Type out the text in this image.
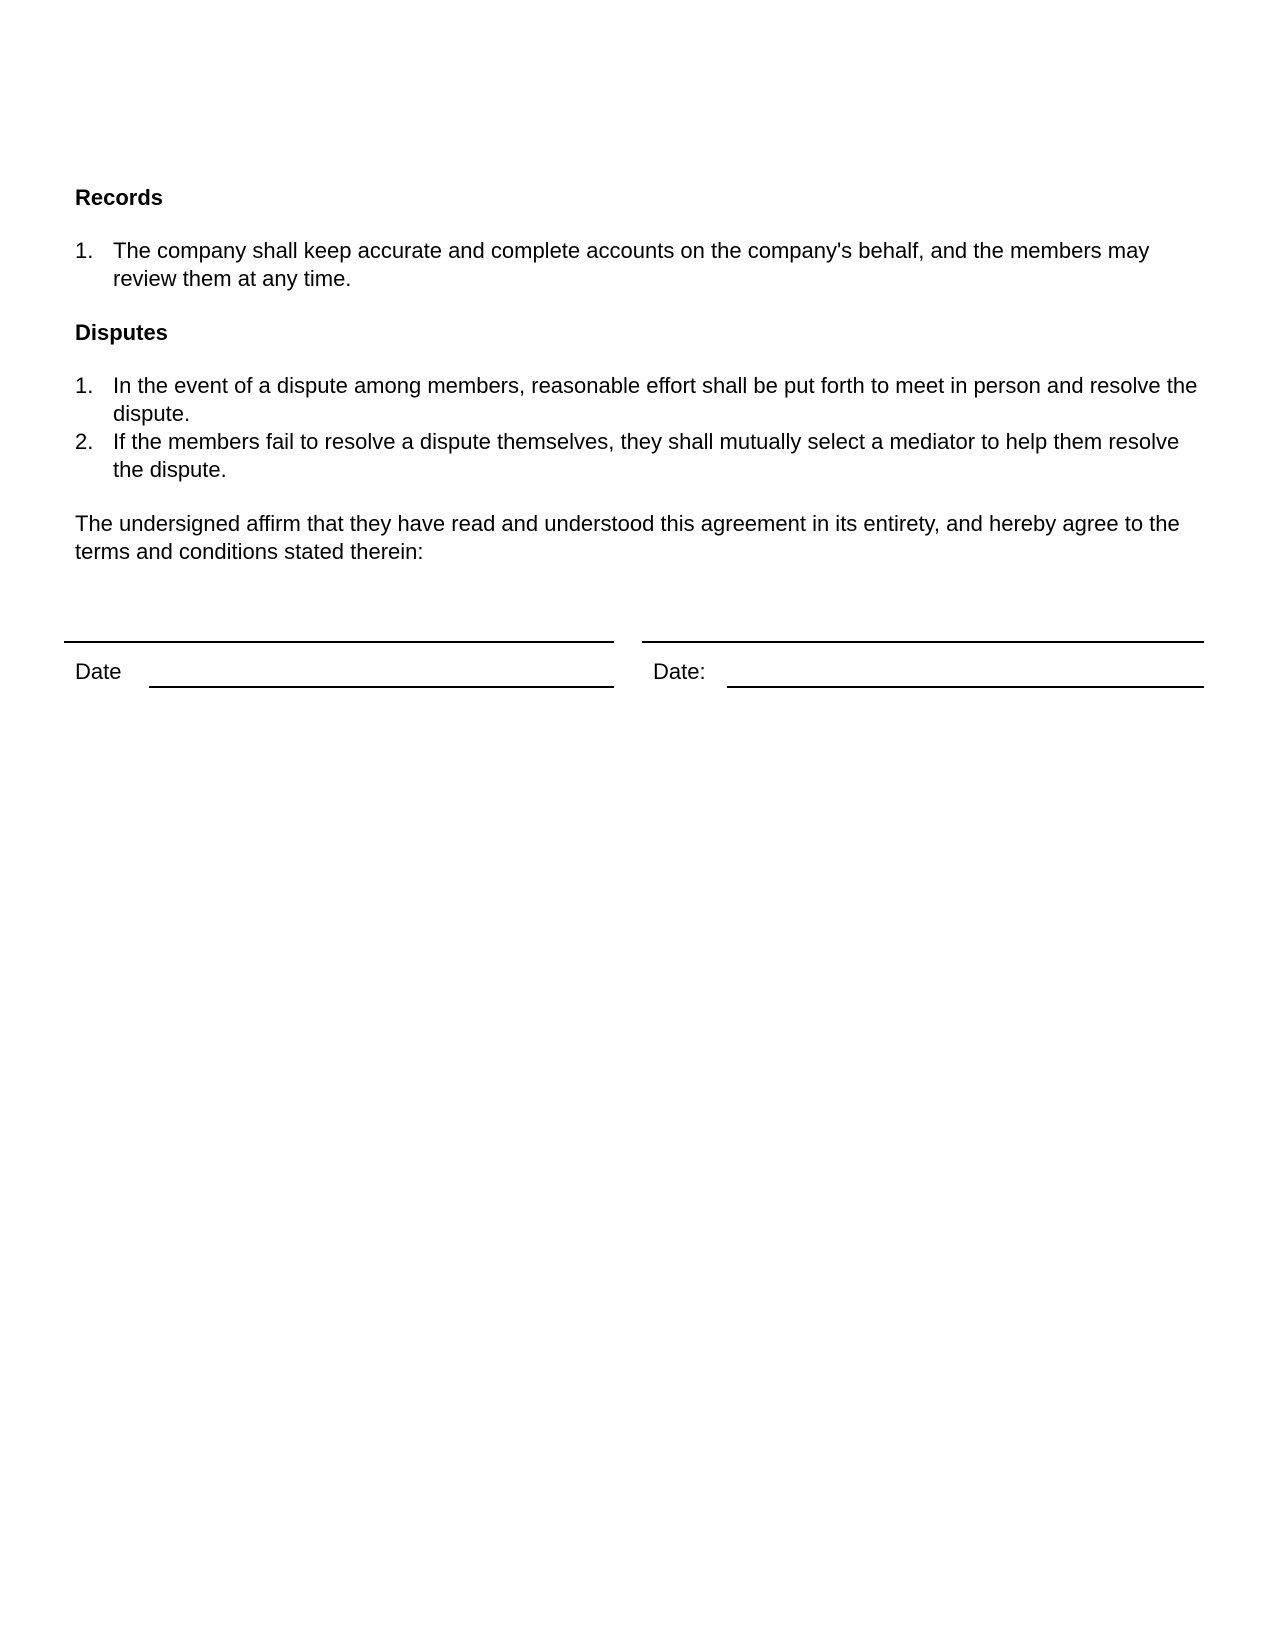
Records
1. The company shall keep accurate and complete accounts on the company's behalf, and the members may review them at any time.
Disputes
1. In the event of a dispute among members, reasonable effort shall be put forth to meet in person and resolve the dispute.
2. If the members fail to resolve a dispute themselves, they shall mutually select a mediator to help them resolve the dispute.

The undersigned affirm that they have read and understood this agreement in its entirety, and hereby agree to the terms and conditions stated therein:

Date	Date:
